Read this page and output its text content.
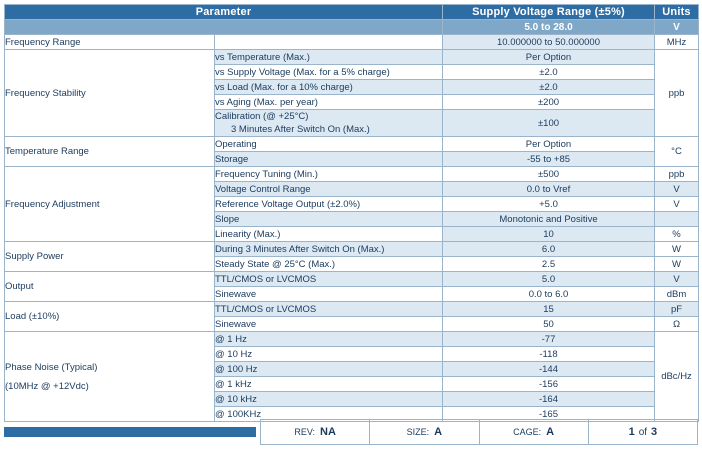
Parameter		Supply Voltage Range (±5%)	Units
		5.0 to 28.0	V
Frequency Range		10.000000 to 50.000000	MHz
Frequency Stability	vs Temperature (Max.)	Per Option	ppb
	vs Supply Voltage (Max. for a 5% charge)	±2.0	
	vs Load (Max. for a 10% charge)	±2.0	
	vs Aging (Max. per year)	±200	
	Calibration (@ +25°C)
3 Minutes After Switch On (Max.)	±100	
Temperature Range	Operating	Per Option	°C
	Storage	-55 to +85	
Frequency Adjustment	Frequency Tuning (Min.)	±500	ppb
	Voltage Control Range	0.0 to Vref	V
	Reference Voltage Output (±2.0%)	+5.0	V
	Slope	Monotonic and Positive	
	Linearity (Max.)	10	%
Supply Power	During 3 Minutes After Switch On (Max.)	6.0	W
	Steady State @ 25°C (Max.)	2.5	W
Output	TTL/CMOS or LVCMOS	5.0	V
	Sinewave	0.0 to 6.0	dBm
Load (±10%)	TTL/CMOS or LVCMOS	15	pF
	Sinewave	50	Ω

Phase Noise (Typical)
(10MHz @ +12Vdc)	@ 1 Hz	-77	dBc/Hz
	@ 10 Hz	-118	
	@ 100 Hz	-144	
	@ 1 kHz	-156	
	@ 10 kHz	-164	
	@ 100KHz	-165	
REV: NA	SIZE: A	CAGE: A	1 of 3
